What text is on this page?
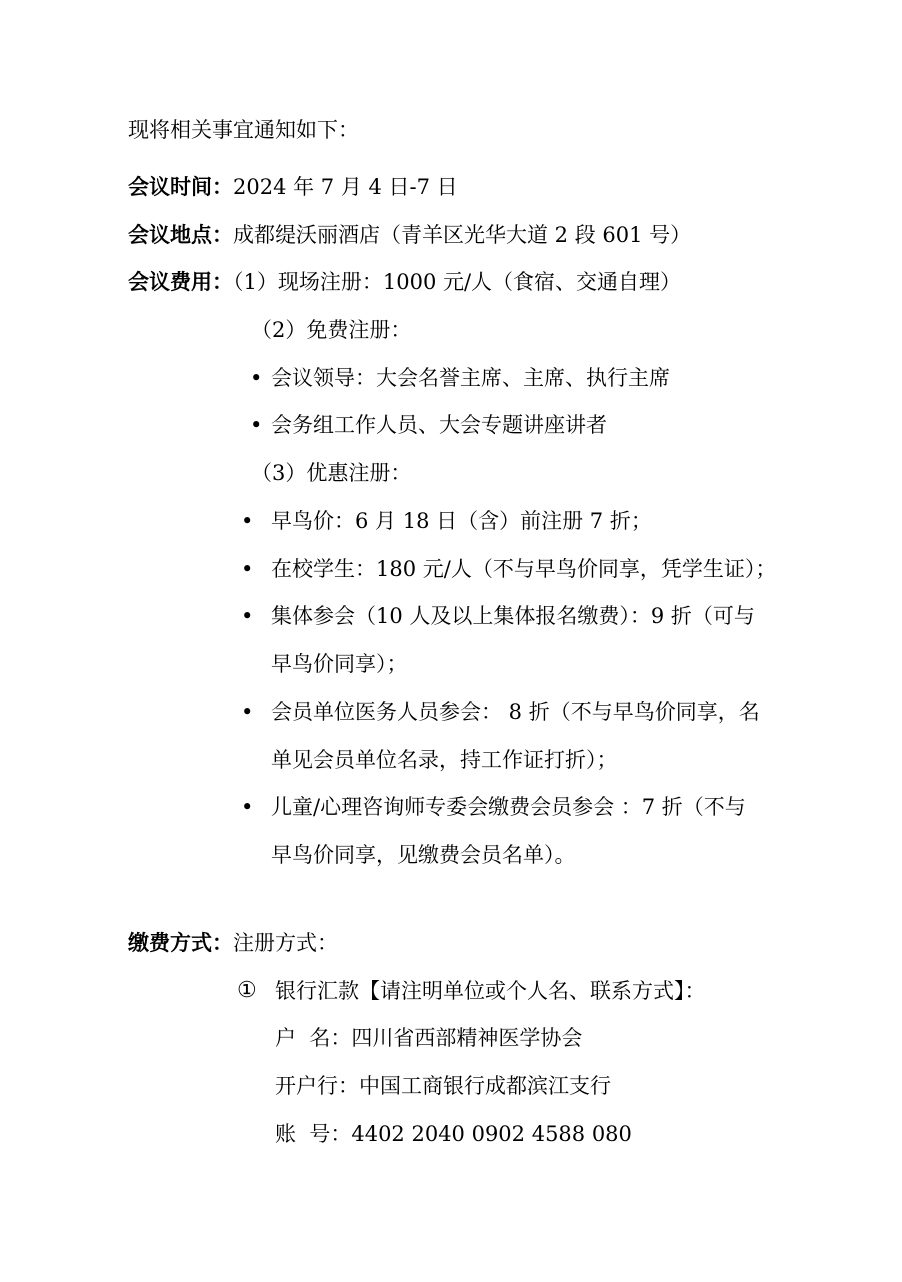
现将相关事宜通知如下：
会议时间：2024 年 7 月 4 日-7 日
会议地点：成都缇沃丽酒店（青羊区光华大道 2 段 601 号）
会议费用：（1）现场注册：1000 元/人（食宿、交通自理）
（2）免费注册：
• 会议领导：大会名誉主席、主席、执行主席
• 会务组工作人员、大会专题讲座讲者
（3）优惠注册：
• 早鸟价：6 月 18 日（含）前注册 7 折；
• 在校学生：180 元/人（不与早鸟价同享，凭学生证）；
• 集体参会（10 人及以上集体报名缴费）：9 折（可与
早鸟价同享）；
• 会员单位医务人员参会： 8 折（不与早鸟价同享，名
单见会员单位名录，持工作证打折）；
• 儿童/心理咨询师专委会缴费会员参会 ：7 折（不与
早鸟价同享，见缴费会员名单）。
缴费方式：注册方式：
① 银行汇款【请注明单位或个人名、联系方式】：
户  名：四川省西部精神医学协会
开户行：中国工商银行成都滨江支行
账  号：4402 2040 0902 4588 080
